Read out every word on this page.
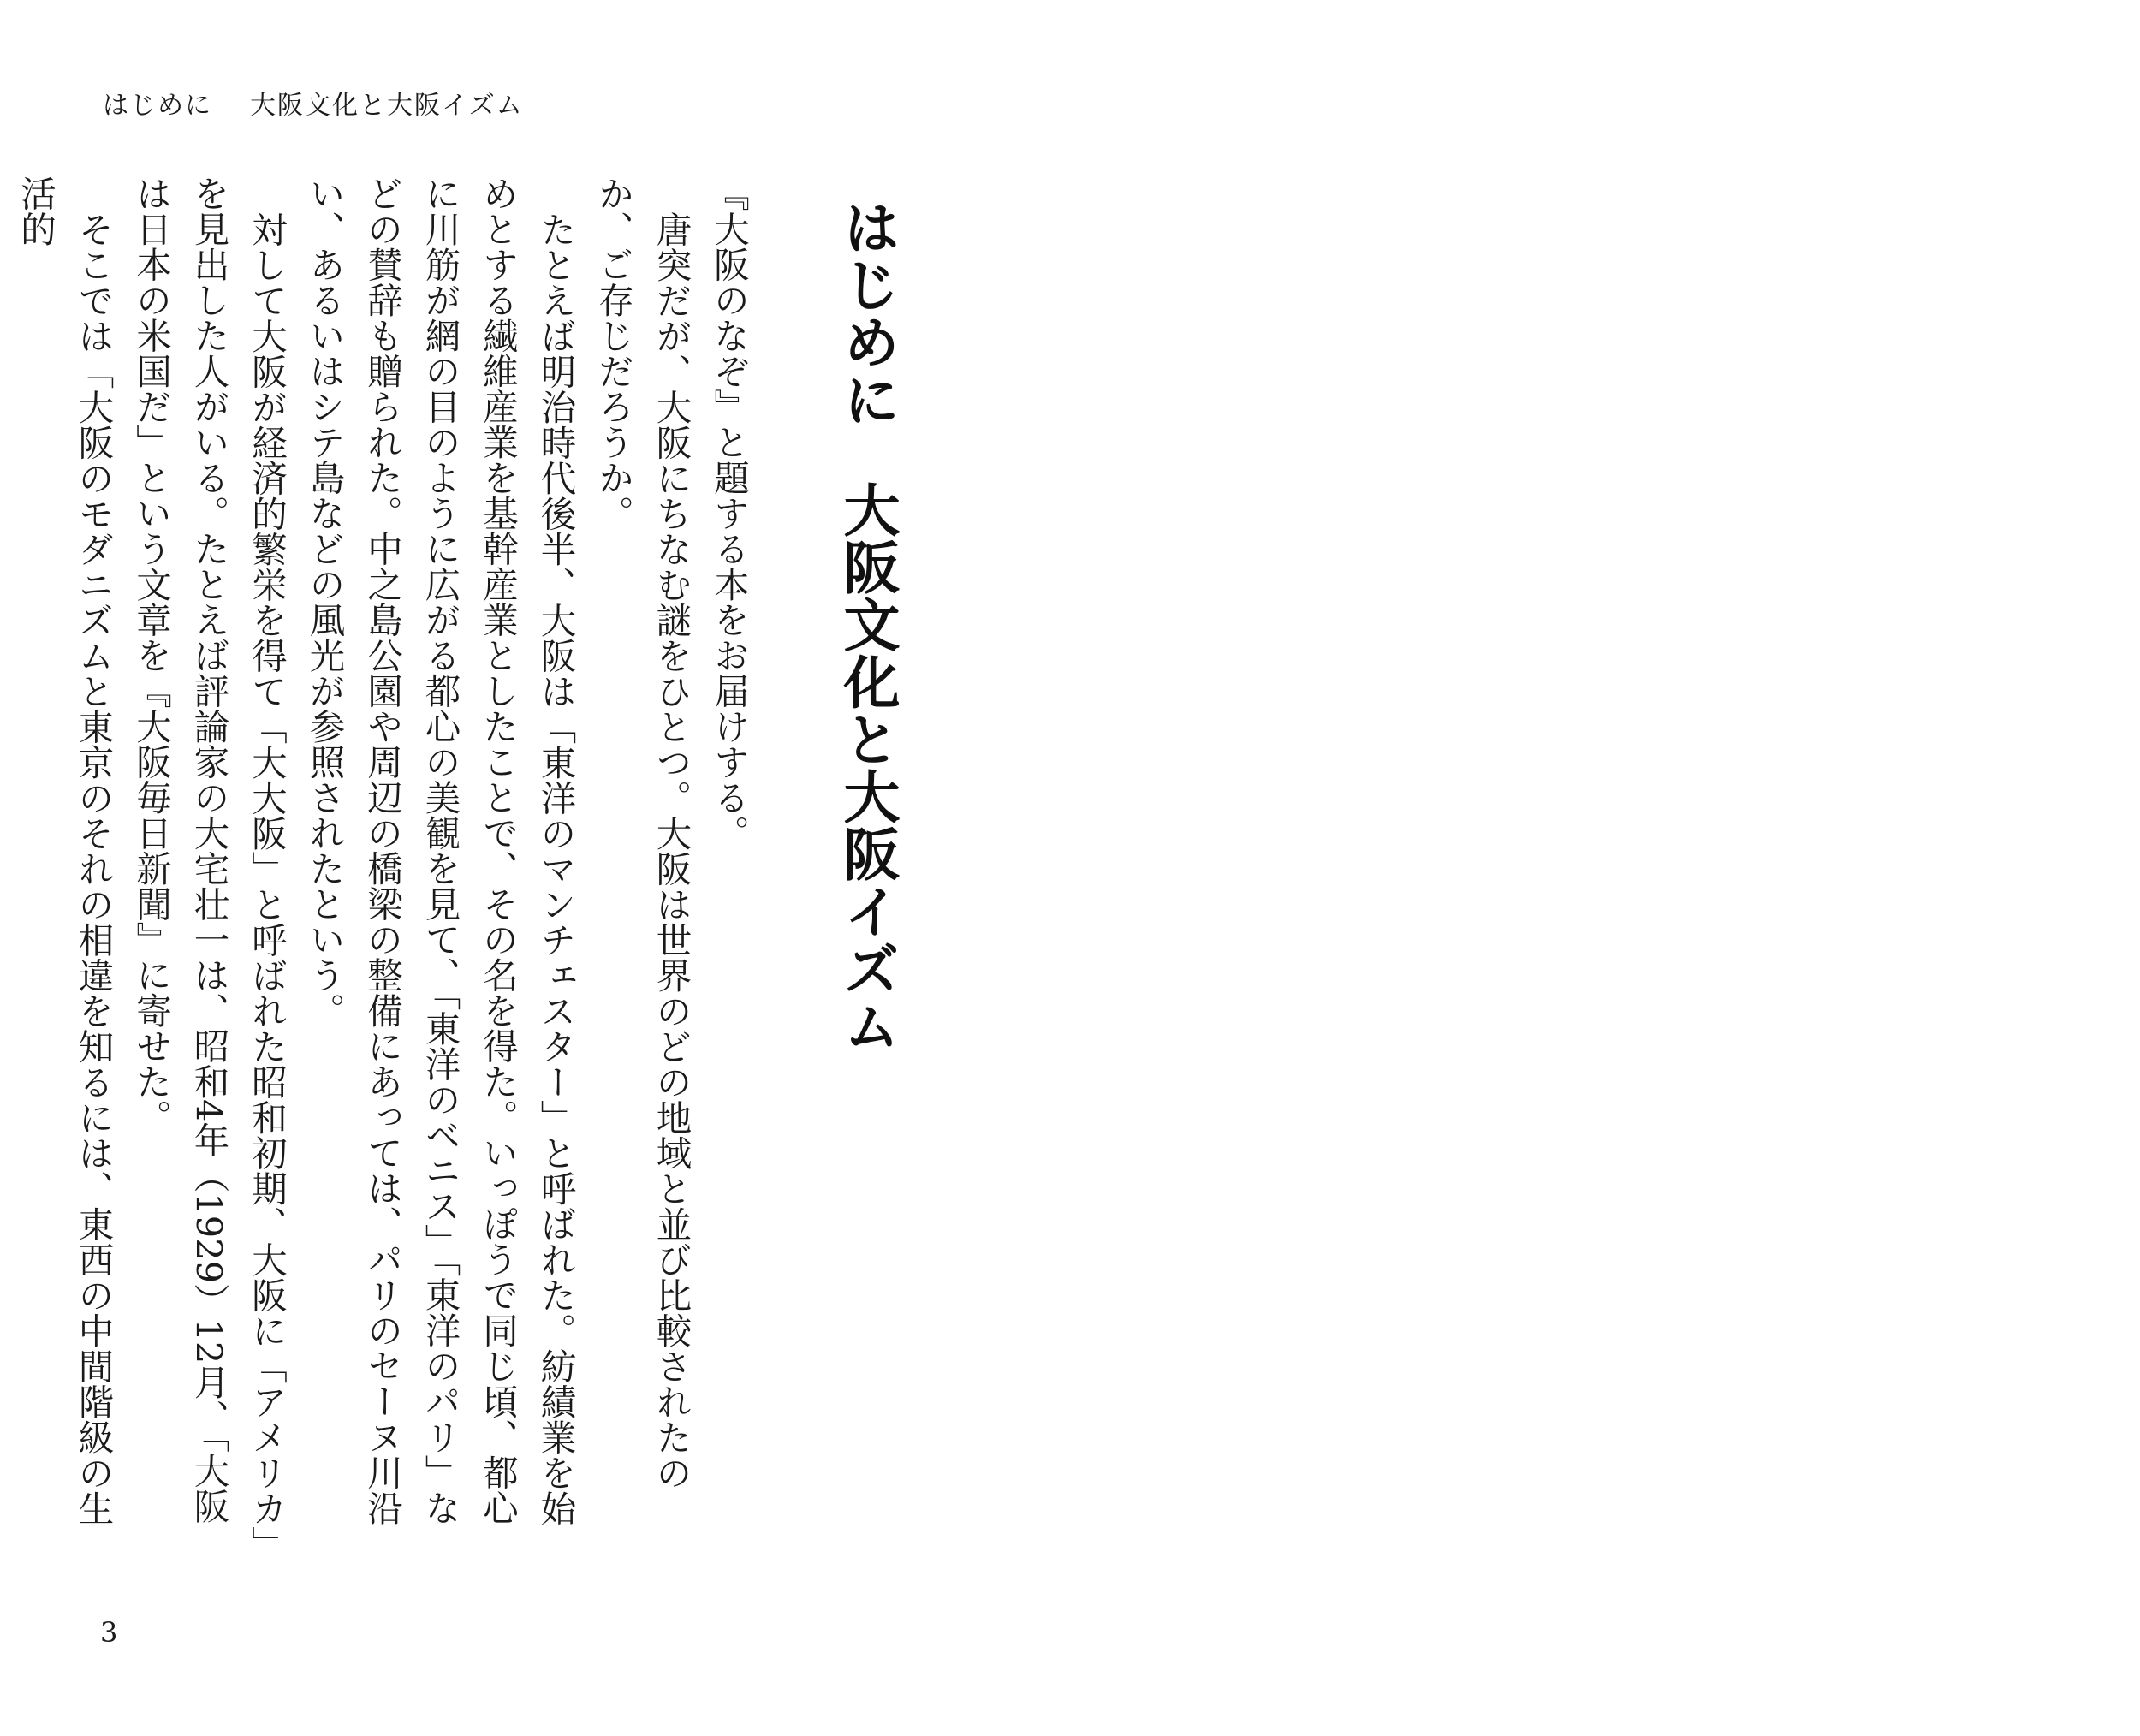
はじめに 大阪文化と大阪イズム
はじめに大阪文化と大阪イズム

『大阪のなぞ』と題する本をお届けする。

唐突だが、大阪にちなむ謎をひとつ。大阪は世界のどの地域と並び比較されたのか、ご存じだろうか。

たとえば明治時代後半、大阪は「東洋のマンチェスター」と呼ばれた。紡績業を始めとする繊維産業を基幹産業としたことで、その名を得た。いっぽうで同じ頃、都心に川筋が網の目のように広がる都心の美観を見て、「東洋のベニス」「東洋のパリ」などの賛辞も贈られた。中之島公園や周辺の橋梁の整備にあっては、パリのセーヌ川沿い、あるいはシテ島などの風光が参照されたという。

対して大阪が経済的繁栄を得て「大大阪」と呼ばれた昭和初期、大阪に「アメリカ」を見出した人がいる。たとえば評論家の大宅壮一は、昭和4年（1929）12月、「大阪は日本の米国だ」という文章を『大阪毎日新聞』に寄せた。

そこでは「大阪のモダニズムと東京のそれの相違を知るには、東西の中間階級の生活的

3
